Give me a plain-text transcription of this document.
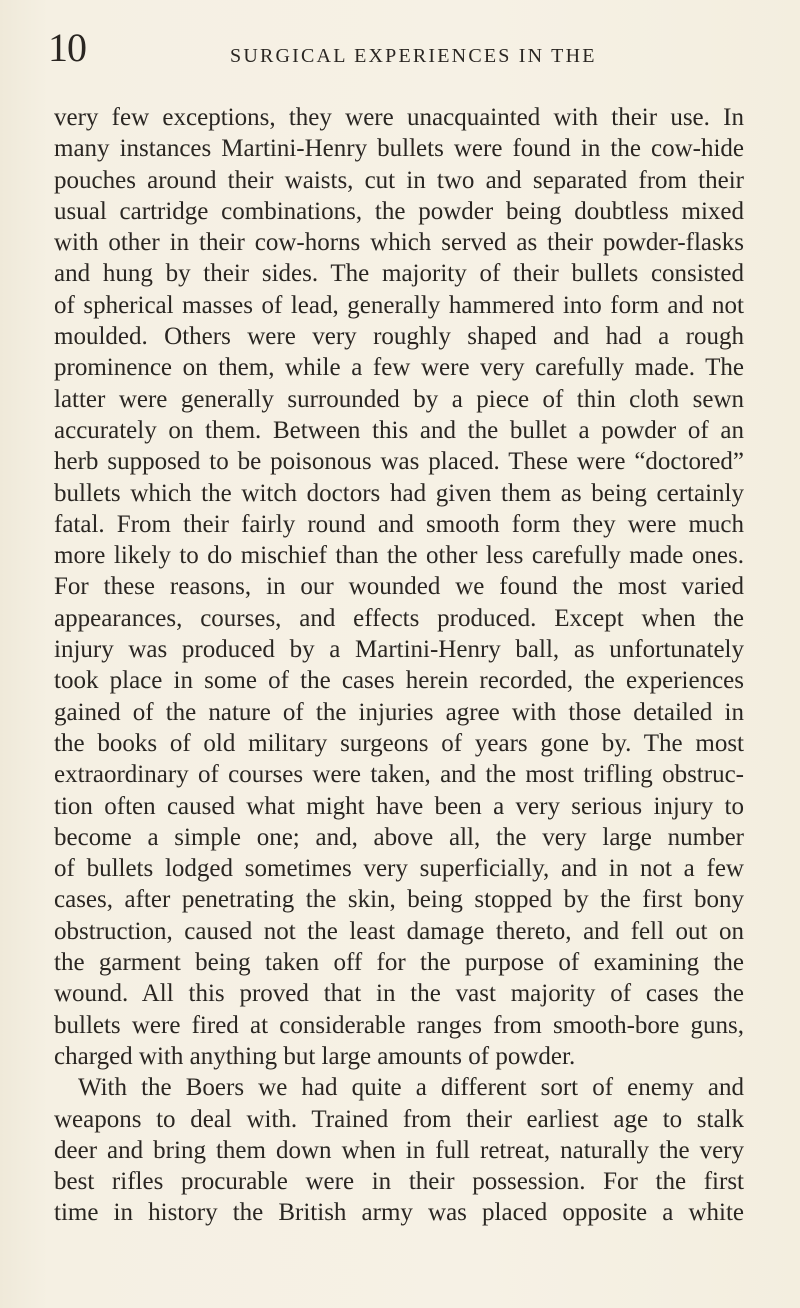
10	SURGICAL EXPERIENCES IN THE
very few exceptions, they were unacquainted with their use. In
many instances Martini-Henry bullets were found in the cow-hide
pouches around their waists, cut in two and separated from their
usual cartridge combinations, the powder being doubtless mixed
with other in their cow-horns which served as their powder-flasks
and hung by their sides. The majority of their bullets consisted
of spherical masses of lead, generally hammered into form and not
moulded. Others were very roughly shaped and had a rough
prominence on them, while a few were very carefully made. The
latter were generally surrounded by a piece of thin cloth sewn
accurately on them. Between this and the bullet a powder of an
herb supposed to be poisonous was placed. These were “doctored”
bullets which the witch doctors had given them as being certainly
fatal. From their fairly round and smooth form they were much
more likely to do mischief than the other less carefully made ones.
For these reasons, in our wounded we found the most varied
appearances, courses, and effects produced. Except when the
injury was produced by a Martini-Henry ball, as unfortunately
took place in some of the cases herein recorded, the experiences
gained of the nature of the injuries agree with those detailed in
the books of old military surgeons of years gone by. The most
extraordinary of courses were taken, and the most trifling obstruc-
tion often caused what might have been a very serious injury to
become a simple one; and, above all, the very large number
of bullets lodged sometimes very superficially, and in not a few
cases, after penetrating the skin, being stopped by the first bony
obstruction, caused not the least damage thereto, and fell out on
the garment being taken off for the purpose of examining the
wound. All this proved that in the vast majority of cases the
bullets were fired at considerable ranges from smooth-bore guns,
charged with anything but large amounts of powder.
With the Boers we had quite a different sort of enemy and
weapons to deal with. Trained from their earliest age to stalk
deer and bring them down when in full retreat, naturally the very
best rifles procurable were in their possession. For the first
time in history the British army was placed opposite a white
